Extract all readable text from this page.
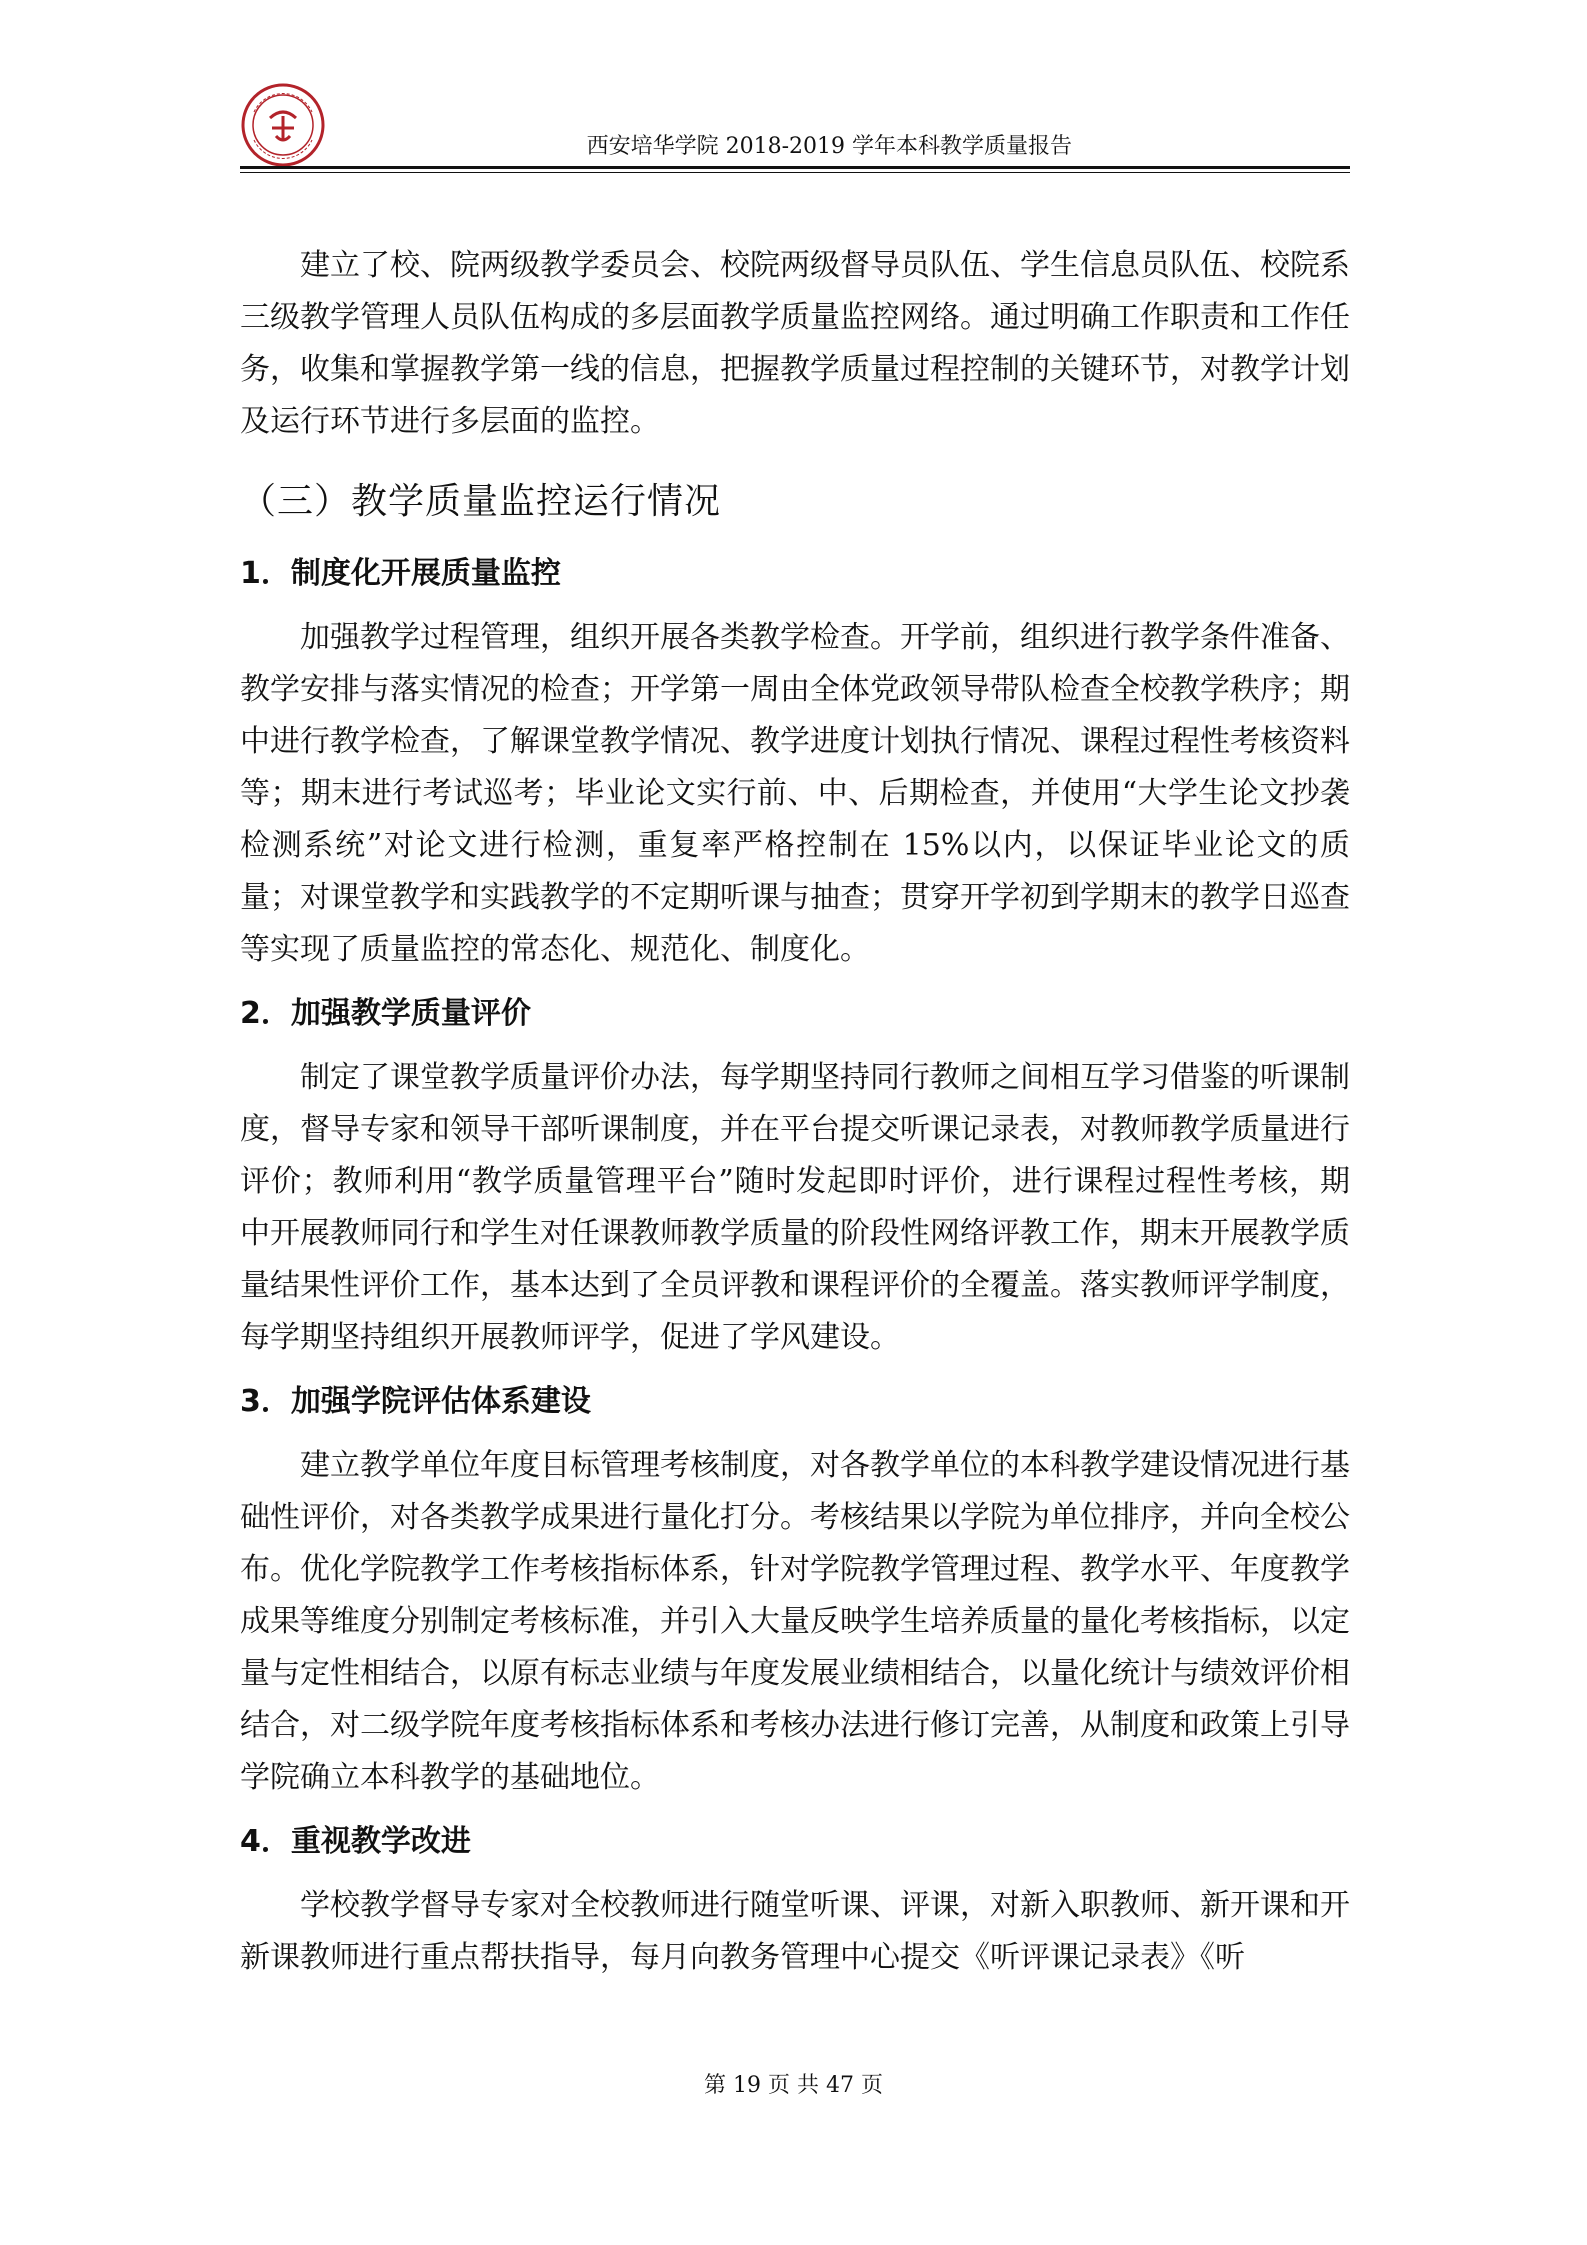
西安培华学院 2018-2019 学年本科教学质量报告

建立了校、院两级教学委员会、校院两级督导员队伍、学生信息员队伍、校院系三级教学管理人员队伍构成的多层面教学质量监控网络。通过明确工作职责和工作任务，收集和掌握教学第一线的信息，把握教学质量过程控制的关键环节，对教学计划及运行环节进行多层面的监控。

（三）教学质量监控运行情况
1．制度化开展质量监控

加强教学过程管理，组织开展各类教学检查。开学前，组织进行教学条件准备、教学安排与落实情况的检查；开学第一周由全体党政领导带队检查全校教学秩序；期中进行教学检查，了解课堂教学情况、教学进度计划执行情况、课程过程性考核资料等；期末进行考试巡考；毕业论文实行前、中、后期检查，并使用“大学生论文抄袭检测系统”对论文进行检测，重复率严格控制在 15%以内，以保证毕业论文的质量；对课堂教学和实践教学的不定期听课与抽查；贯穿开学初到学期末的教学日巡查等实现了质量监控的常态化、规范化、制度化。

2．加强教学质量评价

制定了课堂教学质量评价办法，每学期坚持同行教师之间相互学习借鉴的听课制度，督导专家和领导干部听课制度，并在平台提交听课记录表，对教师教学质量进行评价；教师利用“教学质量管理平台”随时发起即时评价，进行课程过程性考核，期中开展教师同行和学生对任课教师教学质量的阶段性网络评教工作，期末开展教学质量结果性评价工作，基本达到了全员评教和课程评价的全覆盖。落实教师评学制度，每学期坚持组织开展教师评学，促进了学风建设。

3．加强学院评估体系建设

建立教学单位年度目标管理考核制度，对各教学单位的本科教学建设情况进行基础性评价，对各类教学成果进行量化打分。考核结果以学院为单位排序，并向全校公布。优化学院教学工作考核指标体系，针对学院教学管理过程、教学水平、年度教学成果等维度分别制定考核标准，并引入大量反映学生培养质量的量化考核指标，以定量与定性相结合，以原有标志业绩与年度发展业绩相结合，以量化统计与绩效评价相结合，对二级学院年度考核指标体系和考核办法进行修订完善，从制度和政策上引导学院确立本科教学的基础地位。

4．重视教学改进

学校教学督导专家对全校教师进行随堂听课、评课，对新入职教师、新开课和开新课教师进行重点帮扶指导，每月向教务管理中心提交《听评课记录表》《听

第 19 页 共 47 页
